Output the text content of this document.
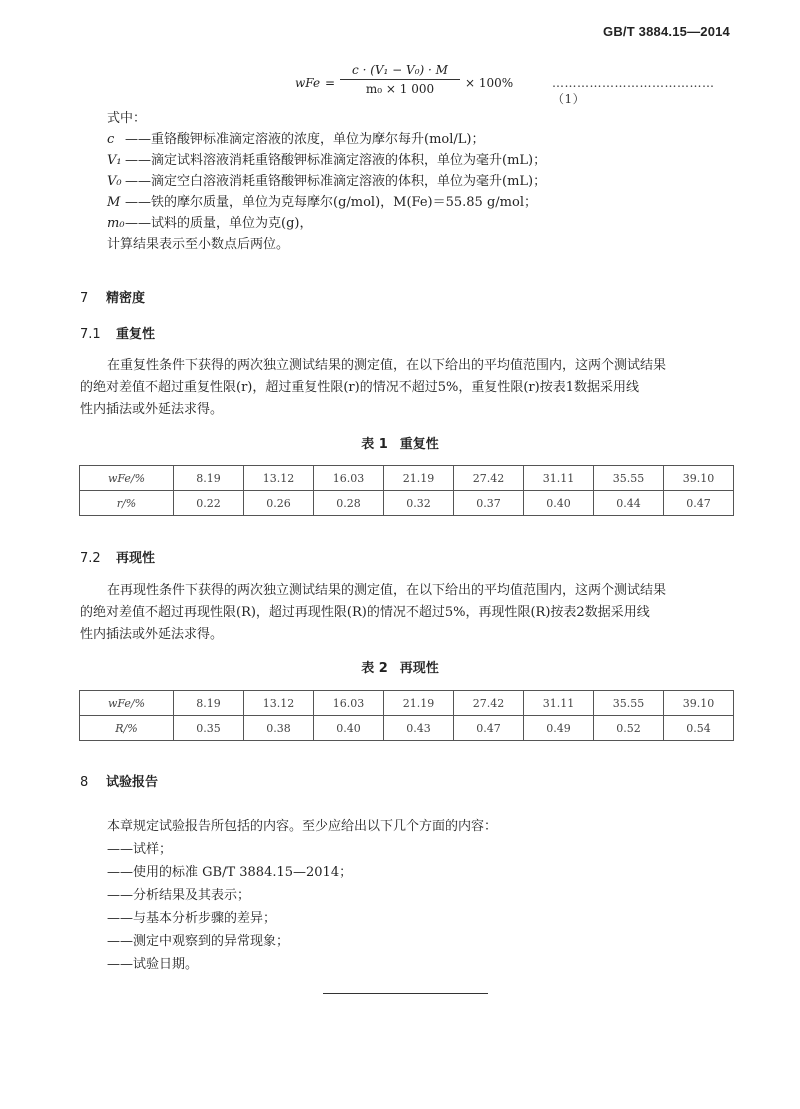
GB/T 3884.15—2014
wFe = $\frac{\text{c · (V₁ − V₀) · M}}{\text{m₀ × 1 000}} \times 100\%$	…………………………………（1）
式中：
c ——重铬酸钾标准滴定溶液的浓度，单位为摩尔每升(mol/L)；
V₁ ——滴定试料溶液消耗重铬酸钾标准滴定溶液的体积，单位为毫升(mL)；
V₀ ——滴定空白溶液消耗重铬酸钾标准滴定溶液的体积，单位为毫升(mL)；
M ——铁的摩尔质量，单位为克每摩尔(g/mol)，M(Fe)＝55.85 g/mol；
m₀——试料的质量，单位为克(g)，
计算结果表示至小数点后两位。
7 精密度
7.1 重复性
在重复性条件下获得的两次独立测试结果的测定值，在以下给出的平均值范围内，这两个测试结果
的绝对差值不超过重复性限(r)，超过重复性限(r)的情况不超过5%，重复性限(r)按表1数据采用线
性内插法或外延法求得。
表 1 重复性
wFe/%	8.19	13.12	16.03	21.19	27.42	31.11	35.55	39.10
r/%	0.22	0.26	0.28	0.32	0.37	0.40	0.44	0.47
7.2 再现性
在再现性条件下获得的两次独立测试结果的测定值，在以下给出的平均值范围内，这两个测试结果
的绝对差值不超过再现性限(R)，超过再现性限(R)的情况不超过5%，再现性限(R)按表2数据采用线
性内插法或外延法求得。
表 2 再现性
wFe/%	8.19	13.12	16.03	21.19	27.42	31.11	35.55	39.10
R/%	0.35	0.38	0.40	0.43	0.47	0.49	0.52	0.54
8 试验报告
本章规定试验报告所包括的内容。至少应给出以下几个方面的内容：
——试样；
——使用的标准 GB/T 3884.15—2014；
——分析结果及其表示；
——与基本分析步骤的差异；
——测定中观察到的异常现象；
——试验日期。
